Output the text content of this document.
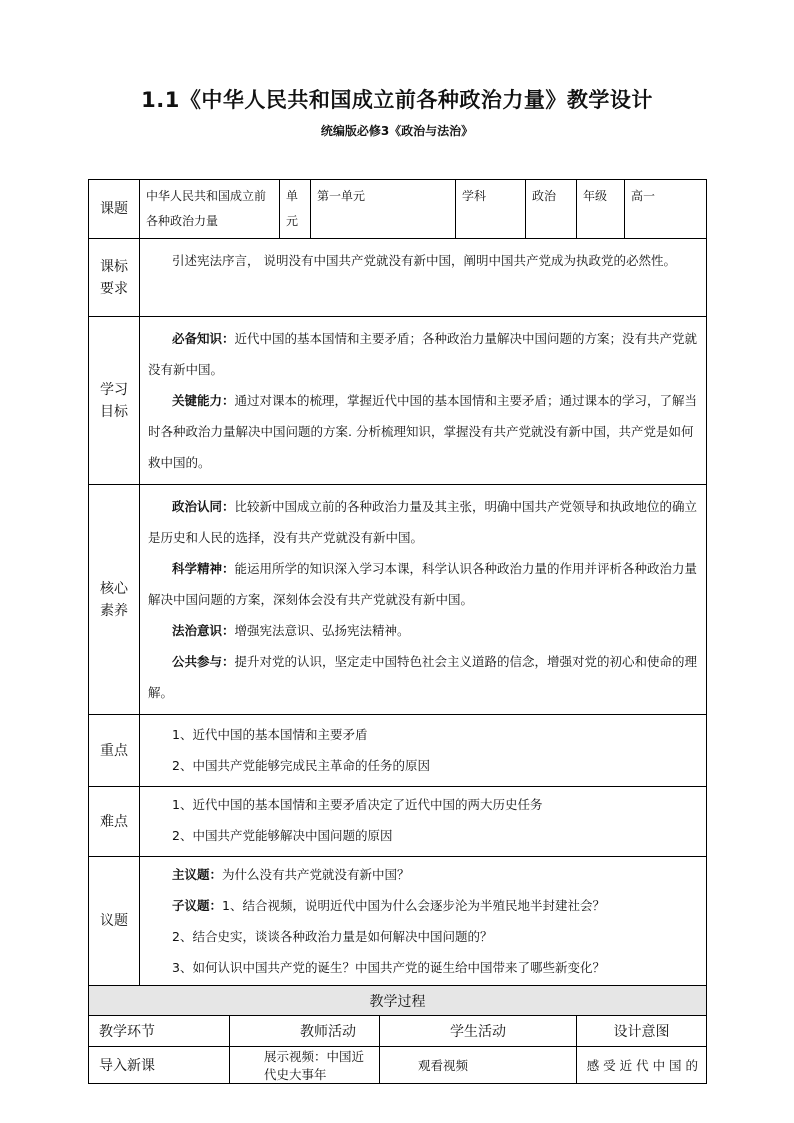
1.1《中华人民共和国成立前各种政治力量》教学设计
统编版必修3《政治与法治》
课题	中华人民共和国成立前各种政治力量		单元	第一单元		学科	政治	年级	高一
课标要求	引述宪法序言， 说明没有中国共产党就没有新中国，阐明中国共产党成为执政党的必然性。								

学习目标	必备知识：近代中国的基本国情和主要矛盾；各种政治力量解决中国问题的方案；没有共产党就没有新中国。

关键能力：通过对课本的梳理，掌握近代中国的基本国情和主要矛盾；通过课本的学习，了解当时各种政治力量解决中国问题的方案. 分析梳理知识，掌握没有共产党就没有新中国，共产党是如何救中国的。								

核心素养	政治认同：比较新中国成立前的各种政治力量及其主张，明确中国共产党领导和执政地位的确立是历史和人民的选择，没有共产党就没有新中国。

科学精神：能运用所学的知识深入学习本课，科学认识各种政治力量的作用并评析各种政治力量解决中国问题的方案，深刻体会没有共产党就没有新中国。

法治意识：增强宪法意识、弘扬宪法精神。

公共参与：提升对党的认识，坚定走中国特色社会主义道路的信念，增强对党的初心和使命的理解。								

重点	1、近代中国的基本国情和主要矛盾

2、中国共产党能够完成民主革命的任务的原因								

难点	1、近代中国的基本国情和主要矛盾决定了近代中国的两大历史任务

2、中国共产党能够解决中国问题的原因								

议题	主议题：为什么没有共产党就没有新中国？

子议题：1、结合视频，说明近代中国为什么会逐步沦为半殖民地半封建社会？

2、结合史实，谈谈各种政治力量是如何解决中国问题的？

3、如何认识中国共产党的诞生？中国共产党的诞生给中国带来了哪些新变化？								

教学过程									
教学环节		教师活动			学生活动			设计意图	
导入新课		展示视频：中国近代史大事年			观看视频			感 受 近 代 中 国 的	
